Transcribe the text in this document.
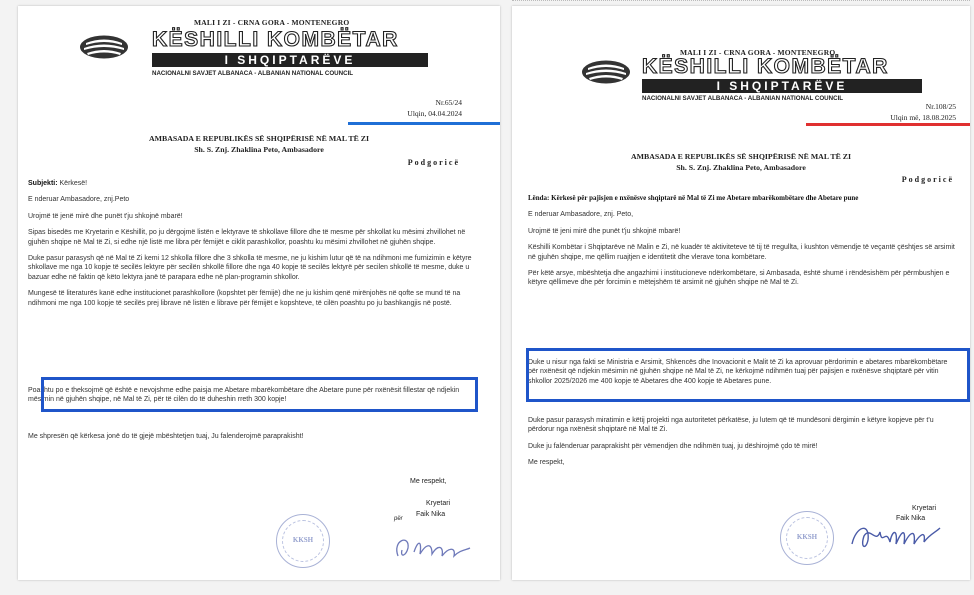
MALI I ZI - CRNA GORA - MONTENEGRO
KËSHILLI KOMBËTAR
I SHQIPTARËVE
NACIONALNI SAVJET ALBANACA - ALBANIAN NATIONAL COUNCIL
Nr.65/24
Ulqin, 04.04.2024
AMBASADA E REPUBLIKËS SË SHQIPËRISË NË MAL TË ZI
Sh. S. Znj. Zhaklina Peto, Ambasadore
Podgoricë

Subjekti: Kërkesë!

E nderuar Ambasadore, znj.Peto

Urojmë të jenë mirë dhe punët t'ju shkojnë mbarë!

Sipas bisedës me Kryetarin e Këshillit, po ju dërgojmë listën e lektyrave të shkollave fillore dhe të mesme për shkollat ku mësimi zhvillohet në gjuhën shqipe në Mal të Zi, si edhe një listë me libra për fëmijët e ciklit parashkollor, poashtu ku mësimi zhvillohet në gjuhën shqipe.

Duke pasur parasysh që në Mal të Zi kemi 12 shkolla fillore dhe 3 shkolla të mesme, ne ju kishim lutur që të na ndihmoni me furnizimin e këtyre shkollave me nga 10 kopje të secilës lektyre për secilën shkollë fillore dhe nga 40 kopje të secilës lektyrë për secilen shkollë të mesme, duke u bazuar edhe në faktin që këto lektyra janë të parapara edhe në plan-programin shkollor.

Mungesë të literaturës kanë edhe institucionet parashkollore (kopshtet për fëmijë) dhe ne ju kishim qenë mirënjohës në qofte se mund të na ndihmoni me nga 100 kopje të secilës prej librave në listën e librave për fëmijët e kopshteve, të cilën poashtu po ju bashkangjis në postë.

Poashtu po e theksojmë që është e nevojshme edhe paisja me Abetare mbarëkombëtare dhe Abetare pune për nxënësit fillestar që ndjekin mësimin në gjuhën shqipe, në Mal të Zi, për të cilën do të duheshin rreth 300 kopje!
Me shpresën që kërkesa jonë do të gjejë mbështetjen tuaj, Ju falenderojmë paraprakisht!
Me respekt,
Kryetari
për
Faik Nika
KKSH
MALI I ZI - CRNA GORA - MONTENEGRO
KËSHILLI KOMBËTAR
I SHQIPTARËVE
NACIONALNI SAVJET ALBANACA - ALBANIAN NATIONAL COUNCIL
Nr.108/25
Ulqin më, 18.08.2025
AMBASADA E REPUBLIKËS SË SHQIPËRISË NË MAL TË ZI
Sh. S. Znj. Zhaklina Peto, Ambasadore
Podgoricë

Lënda: Kërkesë për pajisjen e nxënësve shqiptarë në Mal të Zi me Abetare mbarëkombëtare dhe Abetare pune

E nderuar Ambasadore, znj. Peto,

Urojmë të jeni mirë dhe punët t'ju shkojnë mbarë!

Këshilli Kombëtar i Shqiptarëve në Malin e Zi, në kuadër të aktiviteteve të tij të rregullta, i kushton vëmendje të veçantë çështjes së arsimit në gjuhën shqipe, me qëllim ruajtjen e identitetit dhe vlerave tona kombëtare.

Për këtë arsye, mbështetja dhe angazhimi i institucioneve ndërkombëtare, si Ambasada, është shumë i rëndësishëm për përmbushjen e këtyre qëllimeve dhe për forcimin e mëtejshëm të arsimit në gjuhën shqipe në Mal të Zi.

Duke u nisur nga fakti se Ministria e Arsimit, Shkencës dhe Inovacionit e Malit të Zi ka aprovuar përdorimin e abetares mbarëkombëtare për nxënësit që ndjekin mësimin në gjuhën shqipe në Mal të Zi, ne kërkojmë ndihmën tuaj për pajisjen e nxënësve shqiptarë për vitin shkollor 2025/2026 me 400 kopje të Abetares dhe 400 kopje të Abetares pune.

Duke pasur parasysh miratimin e këtij projekti nga autoritetet përkatëse, ju lutem që të mundësoni dërgimin e këtyre kopjeve për t'u përdorur nga nxënësit shqiptarë në Mal të Zi.

Duke ju falënderuar paraprakisht për vëmendjen dhe ndihmën tuaj, ju dëshirojmë çdo të mirë!

Me respekt,

Kryetari
Faik Nika
KKSH
